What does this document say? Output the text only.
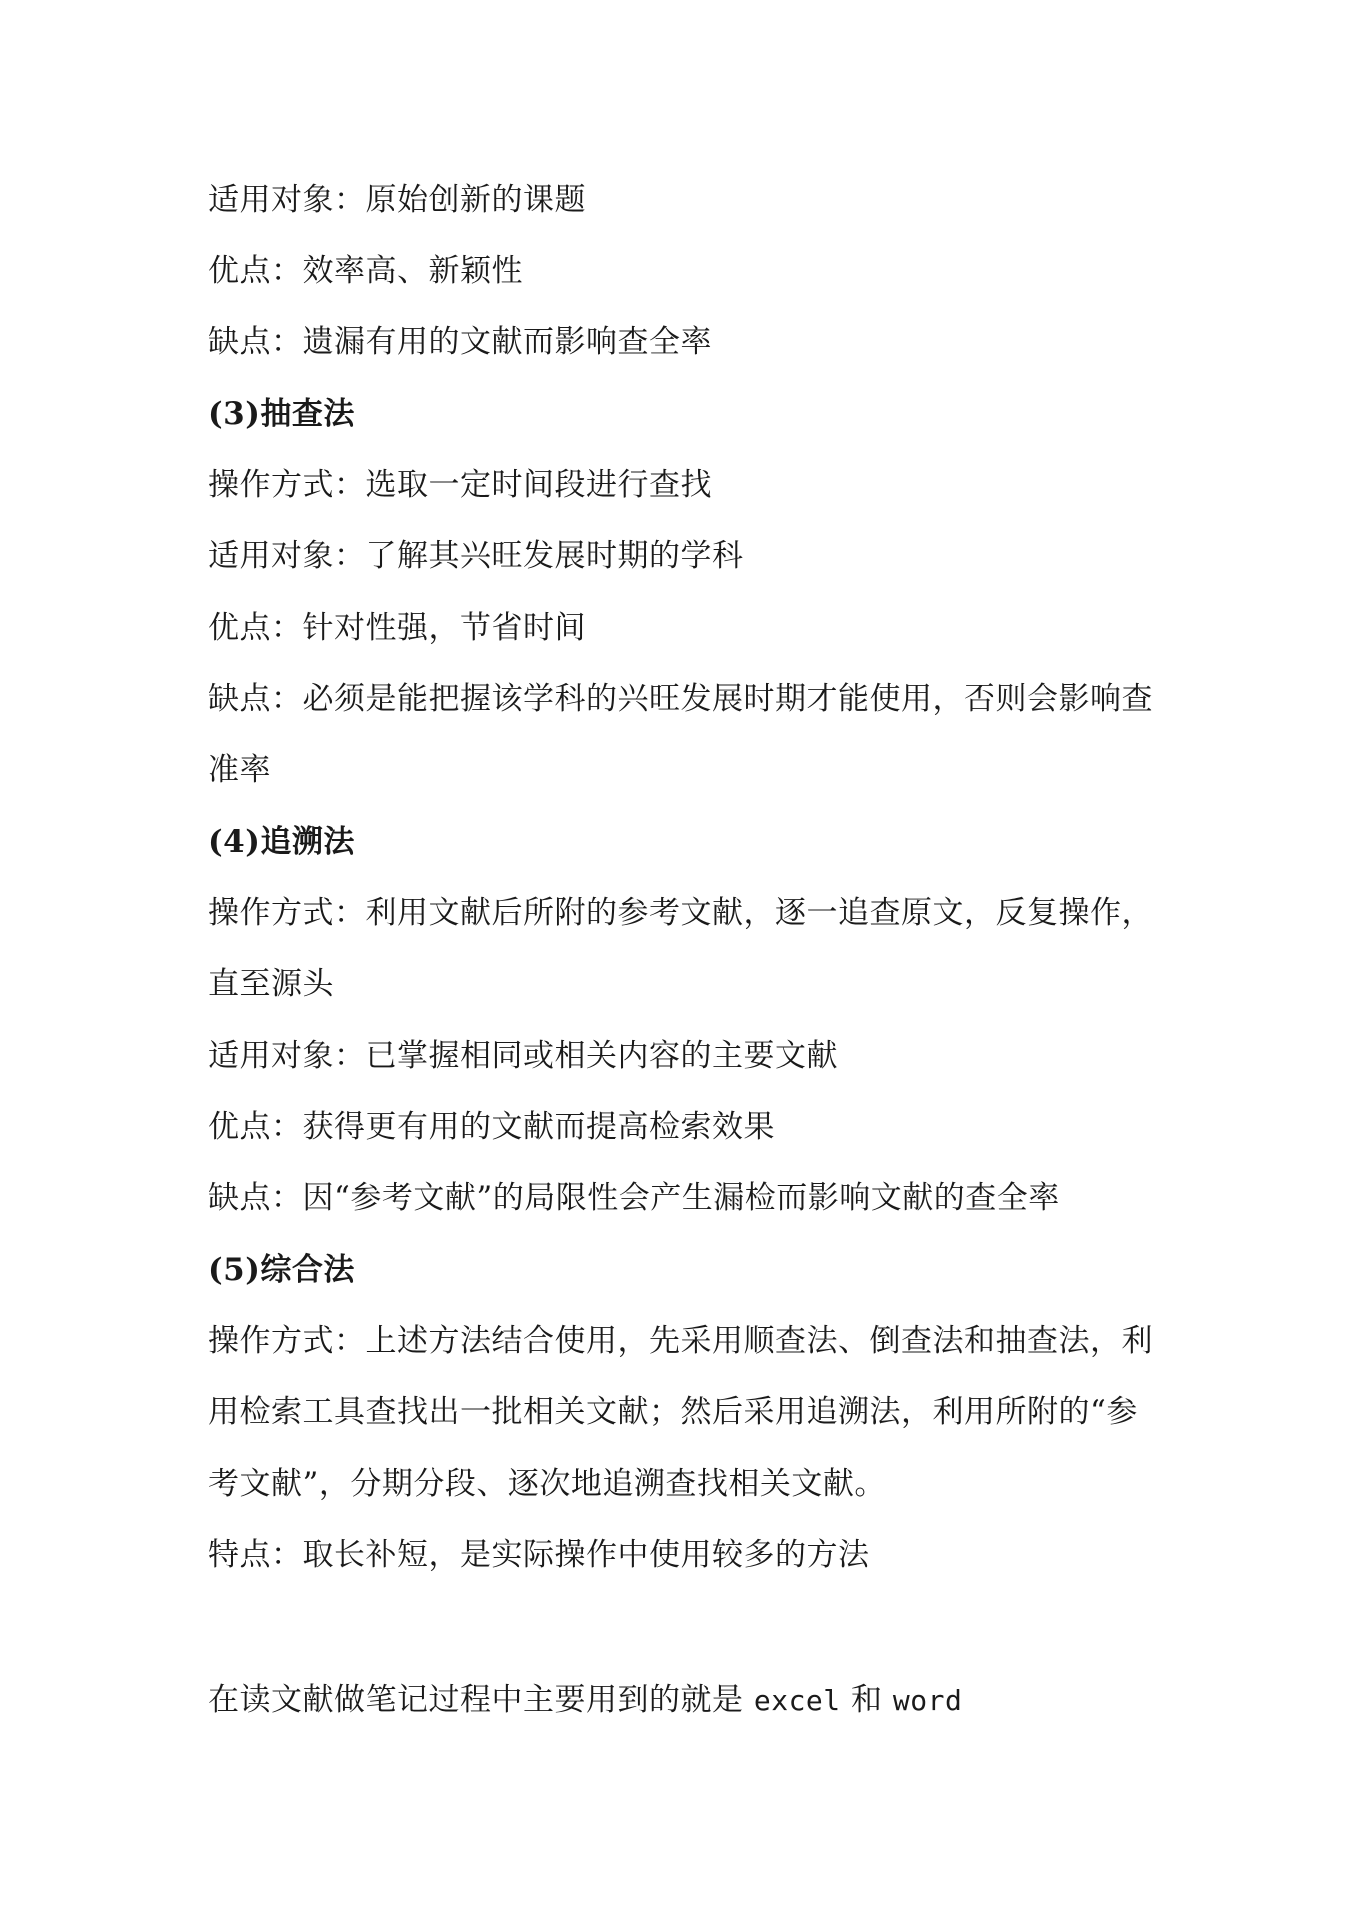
适用对象：原始创新的课题
优点：效率高、新颖性
缺点：遗漏有用的文献而影响查全率
(3)抽查法
操作方式：选取一定时间段进行查找
适用对象：了解其兴旺发展时期的学科
优点：针对性强，节省时间
缺点：必须是能把握该学科的兴旺发展时期才能使用，否则会影响查
准率
(4)追溯法
操作方式：利用文献后所附的参考文献，逐一追查原文，反复操作，
直至源头
适用对象：已掌握相同或相关内容的主要文献
优点：获得更有用的文献而提高检索效果
缺点：因“参考文献”的局限性会产生漏检而影响文献的查全率
(5)综合法
操作方式：上述方法结合使用，先采用顺查法、倒查法和抽查法，利
用检索工具查找出一批相关文献；然后采用追溯法，利用所附的“参
考文献”，分期分段、逐次地追溯查找相关文献。
特点：取长补短，是实际操作中使用较多的方法
在读文献做笔记过程中主要用到的就是 excel 和 word
